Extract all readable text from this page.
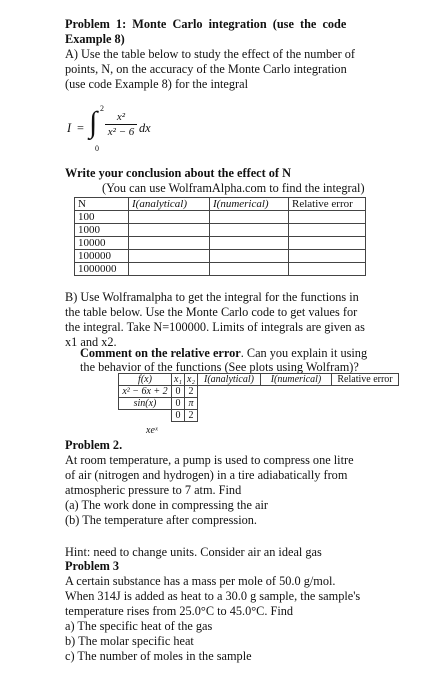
Problem 1: Monte Carlo integration (use the code
Example 8)
A) Use the table below to study the effect of the number of
points, N, on the accuracy of the Monte Carlo integration
(use code Example 8) for the integral
I = ∫ 2
0
x²
x² − 6 dx
Write your conclusion about the effect of N
(You can use WolframAlpha.com to find the integral)
N	I(analytical)	I(numerical)	Relative error
100			
1000			
10000			
100000			
1000000			
B) Use Wolframalpha to get the integral for the functions in
the table below. Use the Monte Carlo code to get values for
the integral. Take N=100000. Limits of integrals are given as
x1 and x2.
Comment on the relative error. Can you explain it using
the behavior of the functions (See plots using Wolfram)?
f(x)	x₁	x₂	I(analytical)	I(numerical)	Relative error
x² − 6x + 2	0	2			
sin(x)	0	π			
	0	2			
xeˣ
Problem 2.
At room temperature, a pump is used to compress one litre
of air (nitrogen and hydrogen) in a tire adiabatically from
atmospheric pressure to 7 atm. Find
(a) The work done in compressing the air
(b) The temperature after compression.
Hint: need to change units. Consider air an ideal gas
Problem 3
A certain substance has a mass per mole of 50.0 g/mol.
When 314J is added as heat to a 30.0 g sample, the sample's
temperature rises from 25.0°C to 45.0°C. Find
a) The specific heat of the gas
b) The molar specific heat
c) The number of moles in the sample
